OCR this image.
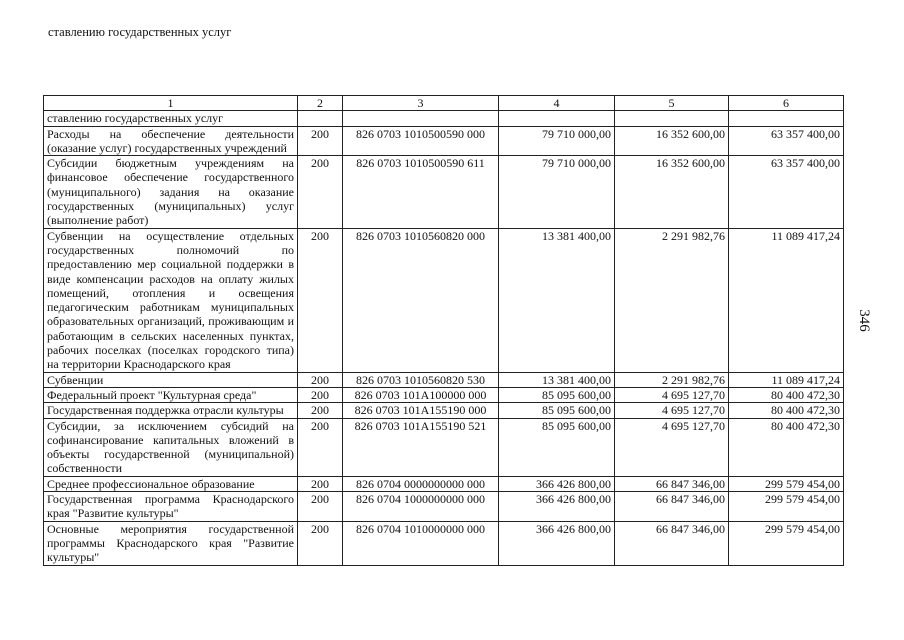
ставлению государственных услуг
1	2	3	4	5	6
ставлению государственных услуг					
Расходы на обеспечение деятельности (оказание услуг) государственных учреждений	200	826 0703 1010500590 000	79 710 000,00	16 352 600,00	63 357 400,00
Субсидии бюджетным учреждениям на финансовое обеспечение государственного (муниципального) задания на оказание государственных (муниципальных) услуг (выполнение работ)	200	826 0703 1010500590 611	79 710 000,00	16 352 600,00	63 357 400,00
Субвенции на осуществление отдельных государственных полномочий по предоставлению мер социальной поддержки в виде компенсации расходов на оплату жилых помещений, отопления и освещения педагогическим работникам муниципальных образовательных организаций, проживающим и работающим в сельских населенных пунктах, рабочих поселках (поселках городского типа) на территории Краснодарского края	200	826 0703 1010560820 000	13 381 400,00	2 291 982,76	11 089 417,24
Субвенции	200	826 0703 1010560820 530	13 381 400,00	2 291 982,76	11 089 417,24
Федеральный проект "Культурная среда"	200	826 0703 101A100000 000	85 095 600,00	4 695 127,70	80 400 472,30
Государственная поддержка отрасли культуры	200	826 0703 101A155190 000	85 095 600,00	4 695 127,70	80 400 472,30
Субсидии, за исключением субсидий на софинансирование капитальных вложений в объекты государственной (муниципальной) собственности	200	826 0703 101A155190 521	85 095 600,00	4 695 127,70	80 400 472,30
Среднее профессиональное образование	200	826 0704 0000000000 000	366 426 800,00	66 847 346,00	299 579 454,00
Государственная программа Краснодарского края "Развитие культуры"	200	826 0704 1000000000 000	366 426 800,00	66 847 346,00	299 579 454,00
Основные мероприятия государственной программы Краснодарского края "Развитие культуры"	200	826 0704 1010000000 000	366 426 800,00	66 847 346,00	299 579 454,00
346
